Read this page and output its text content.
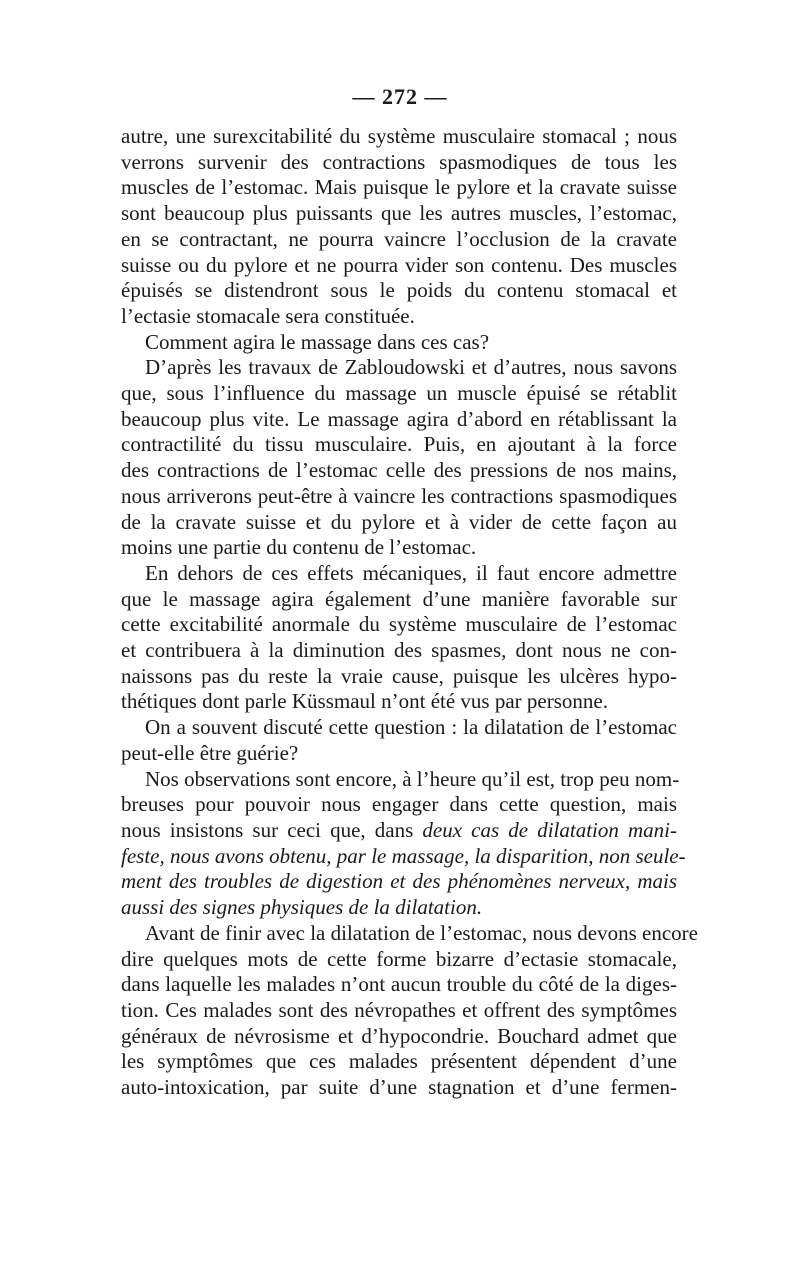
— 272 —
autre, une surexcitabilité du système musculaire stomacal ; nous
verrons survenir des contractions spasmodiques de tous les
muscles de l’estomac. Mais puisque le pylore et la cravate suisse
sont beaucoup plus puissants que les autres muscles, l’estomac,
en se contractant, ne pourra vaincre l’occlusion de la cravate
suisse ou du pylore et ne pourra vider son contenu. Des muscles
épuisés se distendront sous le poids du contenu stomacal et
l’ectasie stomacale sera constituée.
Comment agira le massage dans ces cas?
D’après les travaux de Zabloudowski et d’autres, nous savons
que, sous l’influence du massage un muscle épuisé se rétablit
beaucoup plus vite. Le massage agira d’abord en rétablissant la
contractilité du tissu musculaire. Puis, en ajoutant à la force
des contractions de l’estomac celle des pressions de nos mains,
nous arriverons peut-être à vaincre les contractions spasmodiques
de la cravate suisse et du pylore et à vider de cette façon au
moins une partie du contenu de l’estomac.
En dehors de ces effets mécaniques, il faut encore admettre
que le massage agira également d’une manière favorable sur
cette excitabilité anormale du système musculaire de l’estomac
et contribuera à la diminution des spasmes, dont nous ne con-
naissons pas du reste la vraie cause, puisque les ulcères hypo-
thétiques dont parle Küssmaul n’ont été vus par personne.
On a souvent discuté cette question : la dilatation de l’estomac
peut-elle être guérie?
Nos observations sont encore, à l’heure qu’il est, trop peu nom-
breuses pour pouvoir nous engager dans cette question, mais
nous insistons sur ceci que, dans deux cas de dilatation mani-
feste, nous avons obtenu, par le massage, la disparition, non seule-
ment des troubles de digestion et des phénomènes nerveux, mais
aussi des signes physiques de la dilatation.
Avant de finir avec la dilatation de l’estomac, nous devons encore
dire quelques mots de cette forme bizarre d’ectasie stomacale,
dans laquelle les malades n’ont aucun trouble du côté de la diges-
tion. Ces malades sont des névropathes et offrent des symptômes
généraux de névrosisme et d’hypocondrie. Bouchard admet que
les symptômes que ces malades présentent dépendent d’une
auto-intoxication, par suite d’une stagnation et d’une fermen-
